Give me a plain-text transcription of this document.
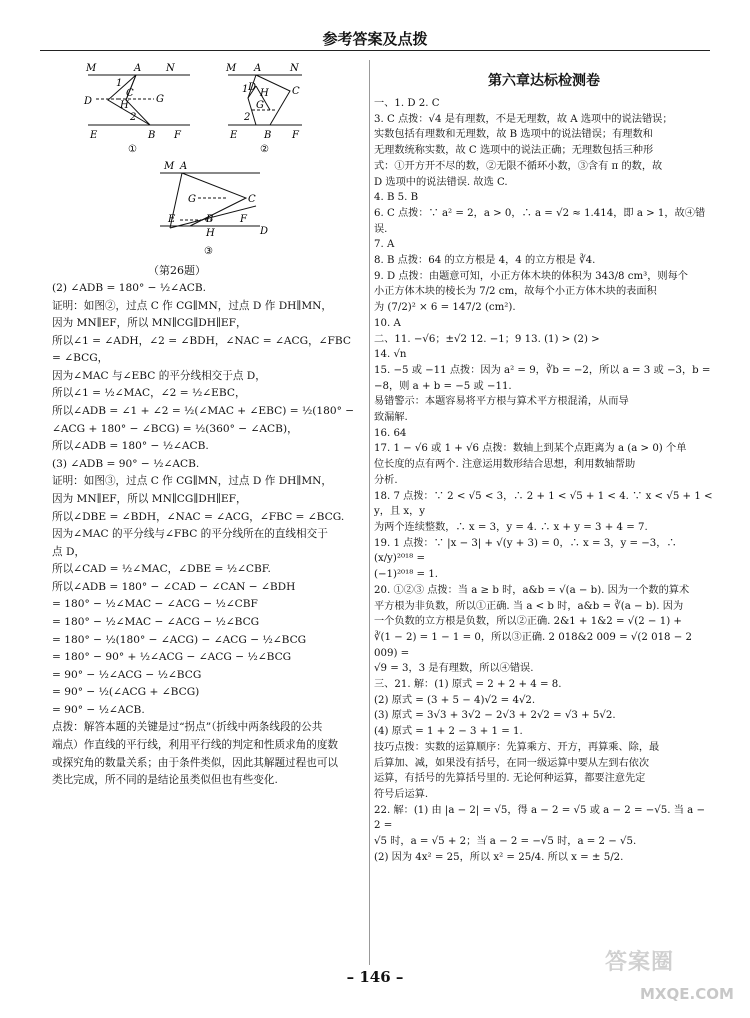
参考答案及点拨
M	A N
1
D	H
C
G
2
E	B F
①
M A	N
1 D
H C
G
2
E	B F
②
M A
G	C
E	B	F
H	D
③
（第26题）

(2) ∠ADB = 180° − ½∠ACB.

证明：如图②，过点 C 作 CG∥MN，过点 D 作 DH∥MN，

因为 MN∥EF，所以 MN∥CG∥DH∥EF，

所以∠1 = ∠ADH，∠2 = ∠BDH，∠NAC = ∠ACG，∠FBC = ∠BCG，

因为∠MAC 与∠EBC 的平分线相交于点 D，

所以∠1 = ½∠MAC，∠2 = ½∠EBC，

所以∠ADB = ∠1 + ∠2 = ½(∠MAC + ∠EBC) = ½(180° −

∠ACG + 180° − ∠BCG) = ½(360° − ∠ACB)，

所以∠ADB = 180° − ½∠ACB.

(3) ∠ADB = 90° − ½∠ACB.

证明：如图③，过点 C 作 CG∥MN，过点 D 作 DH∥MN，

因为 MN∥EF，所以 MN∥CG∥DH∥EF，

所以∠DBE = ∠BDH，∠NAC = ∠ACG，∠FBC = ∠BCG.

因为∠MAC 的平分线与∠FBC 的平分线所在的直线相交于

点 D，

所以∠CAD = ½∠MAC，∠DBE = ½∠CBF.

所以∠ADB = 180° − ∠CAD − ∠CAN − ∠BDH

= 180° − ½∠MAC − ∠ACG − ½∠CBF

= 180° − ½∠MAC − ∠ACG − ½∠BCG

= 180° − ½(180° − ∠ACG) − ∠ACG − ½∠BCG

= 180° − 90° + ½∠ACG − ∠ACG − ½∠BCG

= 90° − ½∠ACG − ½∠BCG

= 90° − ½(∠ACG + ∠BCG)

= 90° − ½∠ACB.

点拨：解答本题的关键是过“拐点”（折线中两条线段的公共

端点）作直线的平行线，利用平行线的判定和性质求角的度数

或探究角的数量关系；由于条件类似，因此其解题过程也可以

类比完成，所不同的是结论虽类似但也有些变化.

第六章达标检测卷

一、1. D 2. C

3. C 点拨：√4 是有理数，不是无理数，故 A 选项中的说法错误；

实数包括有理数和无理数，故 B 选项中的说法错误；有理数和

无理数统称实数，故 C 选项中的说法正确；无理数包括三种形

式：①开方开不尽的数，②无限不循环小数，③含有 π 的数，故

D 选项中的说法错误. 故选 C.

4. B 5. B

6. C 点拨：∵ a² = 2，a > 0，∴ a = √2 ≈ 1.414，即 a > 1，故④错误.

7. A

8. B 点拨：64 的立方根是 4，4 的立方根是 ∛4.

9. D 点拨：由题意可知，小正方体木块的体积为 343/8 cm³，则每个

小正方体木块的棱长为 7/2 cm，故每个小正方体木块的表面积

为 (7/2)² × 6 = 147/2 (cm²).

10. A

二、11. −√6；±√2 12. −1；9 13. (1) > (2) >

14. √n

15. −5 或 −11 点拨：因为 a² = 9，∛b = −2，所以 a = 3 或 −3，b =

−8，则 a + b = −5 或 −11.

易错警示：本题容易将平方根与算术平方根混淆，从而导

致漏解.

16. 64

17. 1 − √6 或 1 + √6 点拨：数轴上到某个点距离为 a (a > 0) 个单

位长度的点有两个. 注意运用数形结合思想，利用数轴帮助

分析.

18. 7 点拨：∵ 2 < √5 < 3，∴ 2 + 1 < √5 + 1 < 4. ∵ x < √5 + 1 < y，且 x，y

为两个连续整数，∴ x = 3，y = 4. ∴ x + y = 3 + 4 = 7.

19. 1 点拨：∵ |x − 3| + √(y + 3) = 0，∴ x = 3，y = −3，∴ (x/y)²⁰¹⁸ =

(−1)²⁰¹⁸ = 1.

20. ①②③ 点拨：当 a ≥ b 时，a&b = √(a − b). 因为一个数的算术

平方根为非负数，所以①正确. 当 a < b 时，a&b = ∛(a − b). 因为

一个负数的立方根是负数，所以②正确. 2&1 + 1&2 = √(2 − 1) +

∛(1 − 2) = 1 − 1 = 0，所以③正确. 2 018&2 009 = √(2 018 − 2 009) =

√9 = 3，3 是有理数，所以④错误.

三、21. 解：(1) 原式 = 2 + 2 + 4 = 8.

(2) 原式 = (3 + 5 − 4)√2 = 4√2.

(3) 原式 = 3√3 + 3√2 − 2√3 + 2√2 = √3 + 5√2.

(4) 原式 = 1 + 2 − 3 + 1 = 1.

技巧点拨：实数的运算顺序：先算乘方、开方，再算乘、除，最

后算加、减，如果没有括号，在同一级运算中要从左到右依次

运算，有括号的先算括号里的. 无论何种运算，都要注意先定

符号后运算.

22. 解：(1) 由 |a − 2| = √5，得 a − 2 = √5 或 a − 2 = −√5. 当 a − 2 =

√5 时，a = √5 + 2；当 a − 2 = −√5 时，a = 2 − √5.

(2) 因为 4x² = 25，所以 x² = 25/4. 所以 x = ± 5/2.

– 146 –
答案圈
MXQE.COM
